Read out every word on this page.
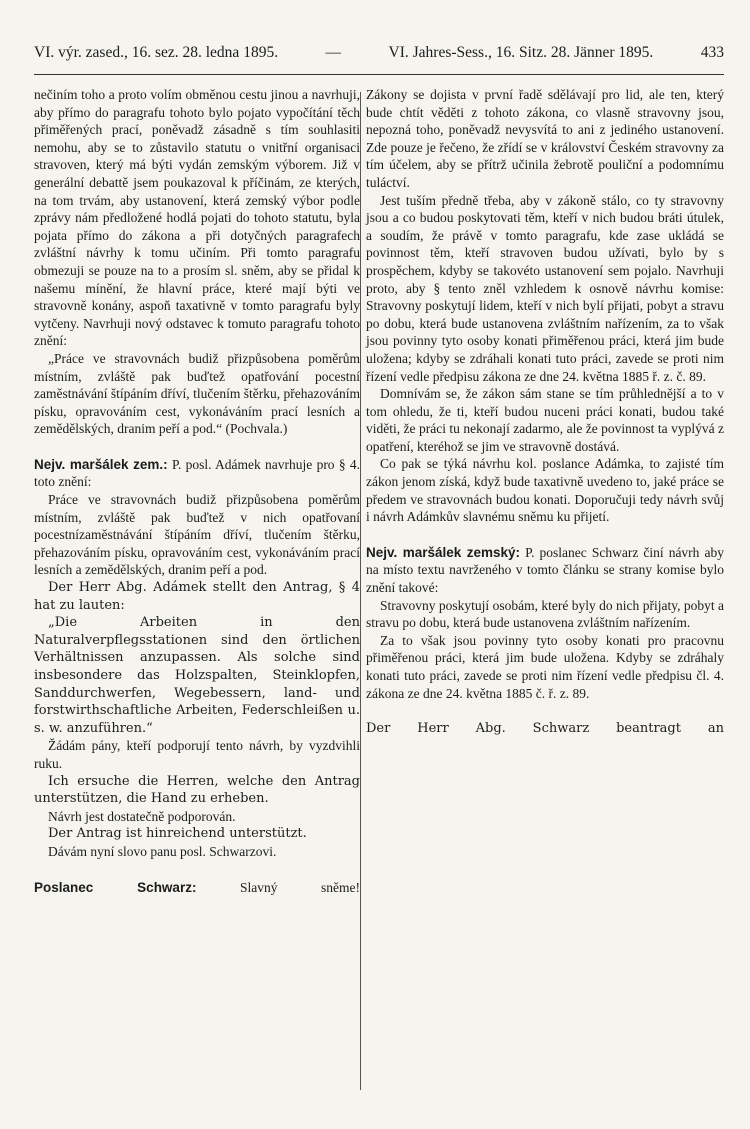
VI. výr. zased., 16. sez. 28. ledna 1895.	—	VI. Jahres-Sess., 16. Sitz. 28. Jänner 1895.	433

nečiním toho a proto volím obměnou cestu jinou a navrhuji, aby přímo do paragrafu tohoto bylo pojato vypočítání těch přiměřených prací, poněvadž zásadně s tím souhlasiti nemohu, aby se to zůstavilo statutu o vnitřní organisaci stravoven, který má býti vydán zemským výborem. Již v generální debattě jsem poukazoval k příčinám, ze kterých, na tom trvám, aby ustanovení, která zemský výbor podle zprávy nám předložené hodlá pojati do tohoto statutu, byla pojata přímo do zákona a při dotyčných paragrafech zvláštní návrhy k tomu učiním. Při tomto paragrafu obmezuji se pouze na to a prosím sl. sněm, aby se přidal k našemu mínění, že hlavní práce, které mají býti ve stravovně konány, aspoň taxativně v tomto paragrafu byly vytčeny. Navrhuji nový odstavec k tomuto paragrafu tohoto znění:

„Práce ve stravovnách budiž přizpůsobena poměrům místním, zvláště pak buďtež opatřování pocestní zaměstnávání štípáním dříví, tlučením štěrku, přehazováním písku, opravováním cest, vykonáváním prací lesních a zemědělských, dranim peří a pod.“ (Pochvala.)

Nejv. maršálek zem.: P. posl. Adámek navrhuje pro § 4. toto znění:

Práce ve stravovnách budiž přizpůsobena poměrům místním, zvláště pak buďtež v nich opatřovaní pocestnízaměstnávání štípáním dříví, tlučením štěrku, přehazováním písku, opravováním cest, vykonáváním prací lesních a zemědělských, dranim peří a pod.

Der Herr Abg. Adámek stellt den Antrag, § 4 hat zu lauten:

„Die Arbeiten in den Naturalverpflegsstationen sind den örtlichen Verhältnissen anzupassen. Als solche sind insbesondere das Holzspalten, Steinklopfen, Sanddurchwerfen, Wegebessern, land- und forstwirthschaftliche Arbeiten, Federschleißen u. s. w. anzuführen.“

Žádám pány, kteří podporují tento návrh, by vyzdvihli ruku.

Ich ersuche die Herren, welche den Antrag unterstützen, die Hand zu erheben.

Návrh jest dostatečně podporován.

Der Antrag ist hinreichend unterstützt.

Dávám nyní slovo panu posl. Schwarzovi.

Poslanec Schwarz: Slavný sněme!

Zákony se dojista v první řadě sdělávají pro lid, ale ten, který bude chtít věděti z tohoto zákona, co vlasně stravovny jsou, nepozná toho, poněvadž nevysvítá to ani z jediného ustanovení. Zde pouze je řečeno, že zřídí se v království Českém stravovny za tím účelem, aby se přítrž učinila žebrotě pouliční a podomnímu tuláctví.

Jest tuším předně třeba, aby v zákoně stálo, co ty stravovny jsou a co budou poskytovati těm, kteří v nich budou bráti útulek, a soudím, že právě v tomto paragrafu, kde zase ukládá se povinnost těm, kteří stravoven budou užívati, bylo by s prospěchem, kdyby se takovéto ustanovení sem pojalo. Navrhuji proto, aby § tento zněl vzhledem k osnově návrhu komise: Stravovny poskytují lidem, kteří v nich bylí přijati, pobyt a stravu po dobu, která bude ustanovena zvláštním nařízením, za to však jsou povinny tyto osoby konati přiměřenou práci, která jim bude uložena; kdyby se zdráhali konati tuto práci, zavede se proti nim řízení vedle předpisu zákona ze dne 24. května 1885 ř. z. č. 89.

Domnívám se, že zákon sám stane se tím průhlednější a to v tom ohledu, že ti, kteří budou nuceni práci konati, budou také viděti, že práci tu nekonají zadarmo, ale že povinnost ta vyplývá z opatření, kteréhož se jim ve stravovně dostává.

Co pak se týká návrhu kol. poslance Adámka, to zajisté tím zákon jenom získá, když bude taxativně uvedeno to, jaké práce se předem ve stravovnách budou konati. Doporučuji tedy návrh svůj i návrh Adámkův slavnému sněmu ku přijetí.

Nejv. maršálek zemský: P. poslanec Schwarz činí návrh aby na místo textu navrženého v tomto článku se strany komise bylo znění takové:

Stravovny poskytují osobám, které byly do nich přijaty, pobyt a stravu po dobu, která bude ustanovena zvláštním nařízením.

Za to však jsou povinny tyto osoby konati pro pracovnu přiměřenou práci, která jim bude uložena. Kdyby se zdráhaly konati tuto práci, zavede se proti nim řízení vedle předpisu čl. 4. zákona ze dne 24. května 1885 č. ř. z. 89.

Der Herr Abg. Schwarz beantragt an
